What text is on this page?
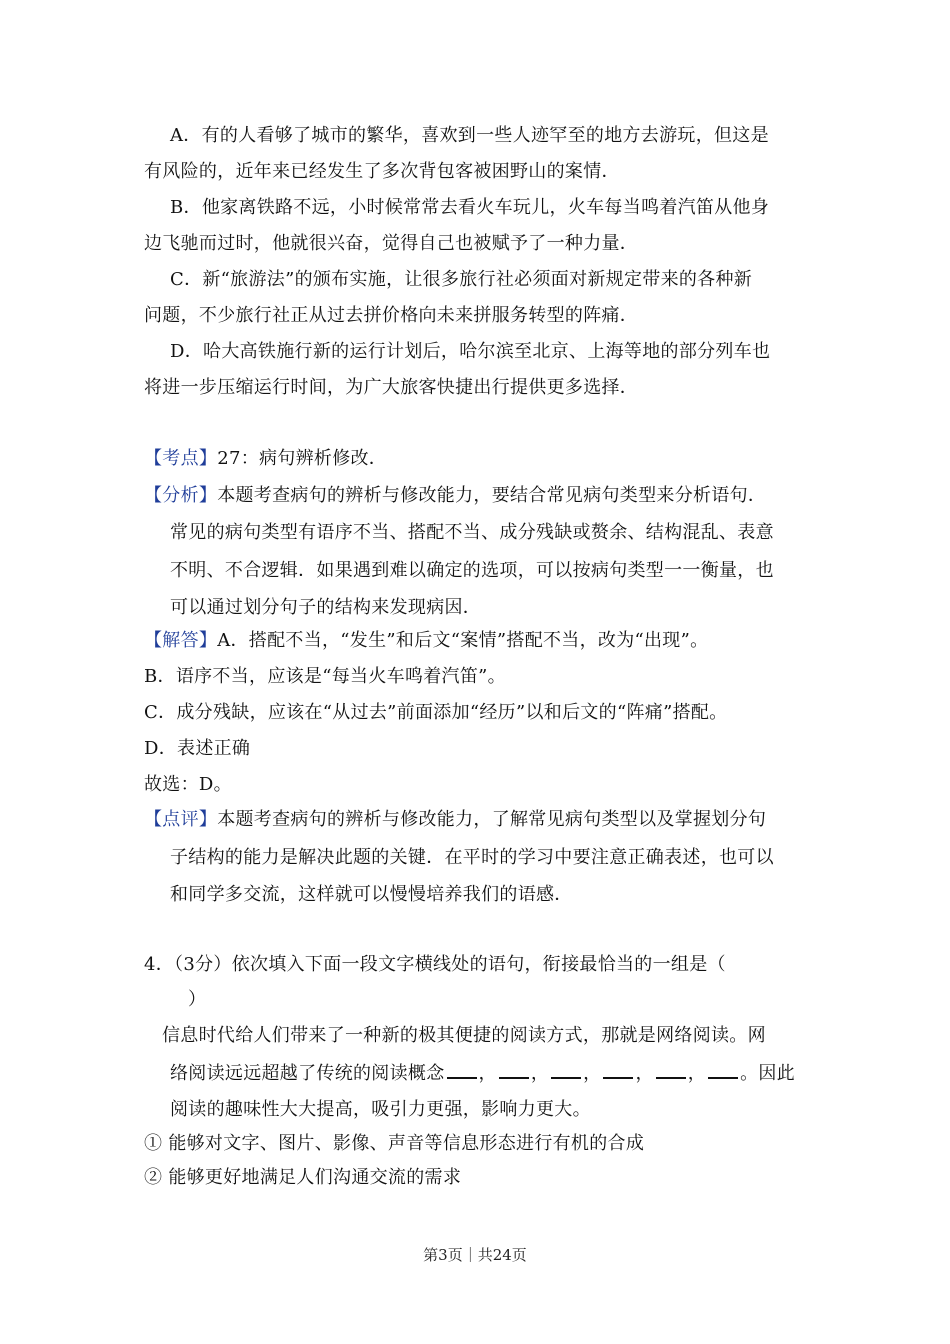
A．有的人看够了城市的繁华，喜欢到一些人迹罕至的地方去游玩，但这是
有风险的，近年来已经发生了多次背包客被困野山的案情．
B．他家离铁路不远，小时候常常去看火车玩儿，火车每当鸣着汽笛从他身
边飞驰而过时，他就很兴奋，觉得自己也被赋予了一种力量．
C．新“旅游法”的颁布实施，让很多旅行社必须面对新规定带来的各种新
问题，不少旅行社正从过去拼价格向未来拼服务转型的阵痛．
D．哈大高铁施行新的运行计划后，哈尔滨至北京、上海等地的部分列车也
将进一步压缩运行时间，为广大旅客快捷出行提供更多选择．
【考点】27：病句辨析修改．
【分析】本题考查病句的辨析与修改能力，要结合常见病句类型来分析语句．
常见的病句类型有语序不当、搭配不当、成分残缺或赘余、结构混乱、表意
不明、不合逻辑．如果遇到难以确定的选项，可以按病句类型一一衡量，也
可以通过划分句子的结构来发现病因．
【解答】A．搭配不当，“发生”和后文“案情”搭配不当，改为“出现”。
B．语序不当，应该是“每当火车鸣着汽笛”。
C．成分残缺，应该在“从过去”前面添加“经历”以和后文的“阵痛”搭配。
D．表述正确
故选：D。
【点评】本题考查病句的辨析与修改能力，了解常见病句类型以及掌握划分句
子结构的能力是解决此题的关键．在平时的学习中要注意正确表述，也可以
和同学多交流，这样就可以慢慢培养我们的语感．
4．（3分）依次填入下面一段文字横线处的语句，衔接最恰当的一组是（
）
信息时代给人们带来了一种新的极其便捷的阅读方式，那就是网络阅读。网
络阅读远远超越了传统的阅读概念 ， ， ， ， ， 。因此
阅读的趣味性大大提高，吸引力更强，影响力更大。
① 能够对文字、图片、影像、声音等信息形态进行有机的合成
② 能够更好地满足人们沟通交流的需求
第3页｜共24页
